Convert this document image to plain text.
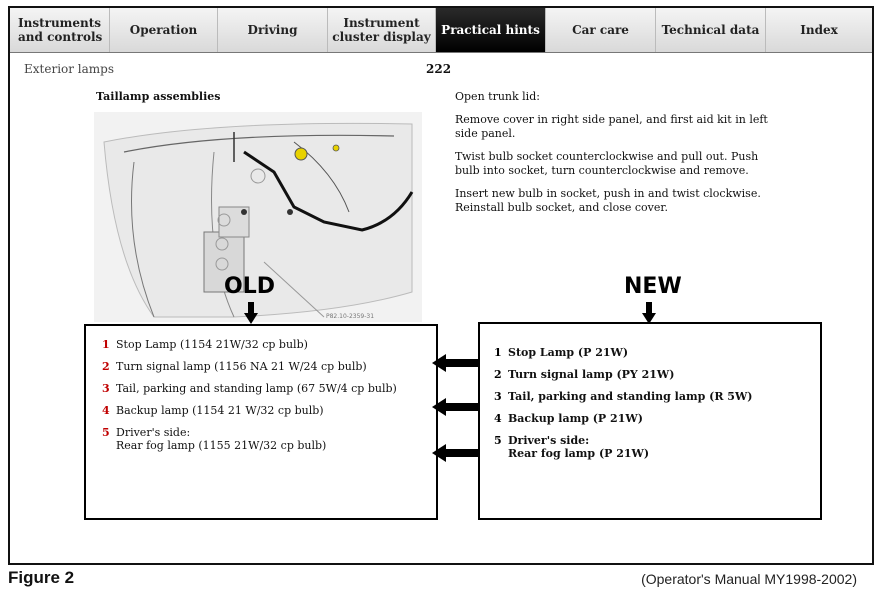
Instruments and controls	Operation	Driving	Instrument cluster display Practical hints	Car care	Technical data	Index
Exterior lamps	222
Taillamp assemblies
P82.10-2359-31

Open trunk lid:

Remove cover in right side panel, and first aid kit in left side panel.

Twist bulb socket counterclockwise and pull out. Push bulb into socket, turn counterclockwise and remove.

Insert new bulb in socket, push in and twist clockwise. Reinstall bulb socket, and close cover.

OLD	NEW
1 Stop Lamp (1154 21W/32 cp bulb)
2 Turn signal lamp (1156 NA 21 W/24 cp bulb)
3 Tail, parking and standing lamp (67 5W/4 cp bulb)
4 Backup lamp (1154 21 W/32 cp bulb)
5 Driver's side:
Rear fog lamp (1155 21W/32 cp bulb)
1 Stop Lamp (P 21W)
2 Turn signal lamp (PY 21W)
3 Tail, parking and standing lamp (R 5W)
4 Backup lamp (P 21W)
5 Driver's side:
Rear fog lamp (P 21W)
Figure 2	(Operator's Manual MY1998-2002)
